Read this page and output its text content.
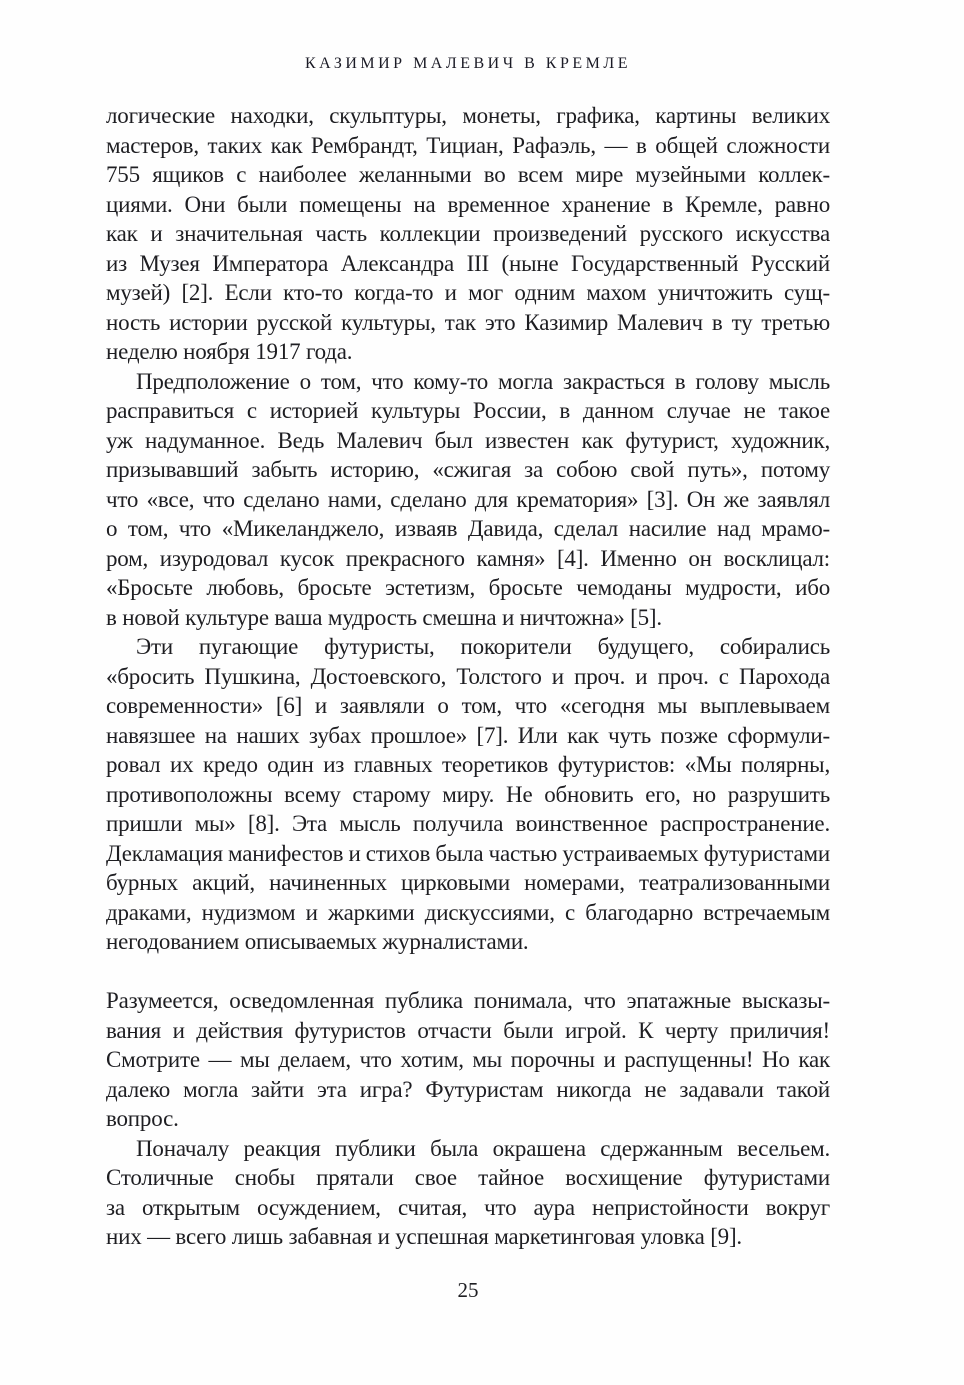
КАЗИМИР МАЛЕВИЧ В КРЕМЛЕ
логические находки, скульптуры, монеты, графика, картины великих
мастеров, таких как Рембрандт, Тициан, Рафаэль, — в общей сложности
755 ящиков с наиболее желанными во всем мире музейными коллек-
циями. Они были помещены на временное хранение в Кремле, равно
как и значительная часть коллекции произведений русского искусства
из Музея Императора Александра III (ныне Государственный Русский
музей) [2]. Если кто-то когда-то и мог одним махом уничтожить сущ-
ность истории русской культуры, так это Казимир Малевич в ту третью
неделю ноября 1917 года.
Предположение о том, что кому-то могла закрасться в голову мысль
расправиться с историей культуры России, в данном случае не такое
уж надуманное. Ведь Малевич был известен как футурист, художник,
призывавший забыть историю, «сжигая за собою свой путь», потому
что «все, что сделано нами, сделано для крематория» [3]. Он же заявлял
о том, что «Микеланджело, изваяв Давида, сделал насилие над мрамо-
ром, изуродовал кусок прекрасного камня» [4]. Именно он восклицал:
«Бросьте любовь, бросьте эстетизм, бросьте чемоданы мудрости, ибо
в новой культуре ваша мудрость смешна и ничтожна» [5].
Эти пугающие футуристы, покорители будущего, собирались
«бросить Пушкина, Достоевского, Толстого и проч. и проч. с Парохода
современности» [6] и заявляли о том, что «сегодня мы выплевываем
навязшее на наших зубах прошлое» [7]. Или как чуть позже сформули-
ровал их кредо один из главных теоретиков футуристов: «Мы полярны,
противоположны всему старому миру. Не обновить его, но разрушить
пришли мы» [8]. Эта мысль получила воинственное распространение.
Декламация манифестов и стихов была частью устраиваемых футуристами
бурных акций, начиненных цирковыми номерами, театрализованными
драками, нудизмом и жаркими дискуссиями, с благодарно встречаемым
негодованием описываемых журналистами.
Разумеется, осведомленная публика понимала, что эпатажные высказы-
вания и действия футуристов отчасти были игрой. К черту приличия!
Смотрите — мы делаем, что хотим, мы порочны и распущенны! Но как
далеко могла зайти эта игра? Футуристам никогда не задавали такой
вопрос.
Поначалу реакция публики была окрашена сдержанным весельем.
Столичные снобы прятали свое тайное восхищение футуристами
за открытым осуждением, считая, что аура непристойности вокруг
них — всего лишь забавная и успешная маркетинговая уловка [9].
25
